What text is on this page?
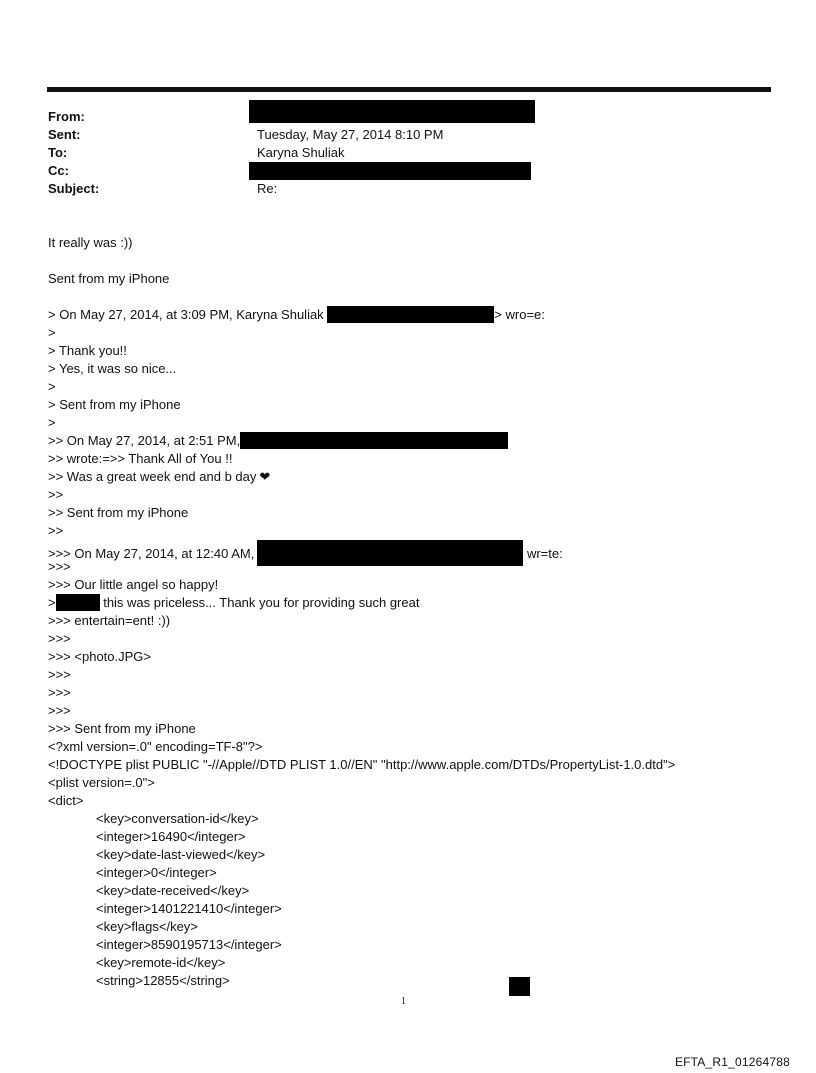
From:
Sent:	Tuesday, May 27, 2014 8:10 PM
To:	Karyna Shuliak
Cc:
Subject:	Re:
It really was :))
Sent from my iPhone
> On May 27, 2014, at 3:09 PM, Karyna Shuliak	> wro=e:
>
> Thank you!!
> Yes, it was so nice...
>
> Sent from my iPhone
>
>> On May 27, 2014, at 2:51 PM,
>> wrote:=>> Thank All of You !!
>> Was a great week end and b day ❤
>>
>> Sent from my iPhone
>>
>>> On May 27, 2014, at 12:40 AM,	wr=te:
>>>
>>> Our little angel so happy!
>	this was priceless... Thank you for providing such great
>>> entertain=ent! :))
>>>
>>> <photo.JPG>
>>>
>>>
>>>
>>> Sent from my iPhone
<?xml version=.0" encoding=TF-8"?>
<!DOCTYPE plist PUBLIC "-//Apple//DTD PLIST 1.0//EN" "http://www.apple.com/DTDs/PropertyList-1.0.dtd">
<plist version=.0">
<dict>
<key>conversation-id</key>
<integer>16490</integer>
<key>date-last-viewed</key>
<integer>0</integer>
<key>date-received</key>
<integer>1401221410</integer>
<key>flags</key>
<integer>8590195713</integer>
<key>remote-id</key>
<string>12855</string>
1
EFTA_R1_01264788
